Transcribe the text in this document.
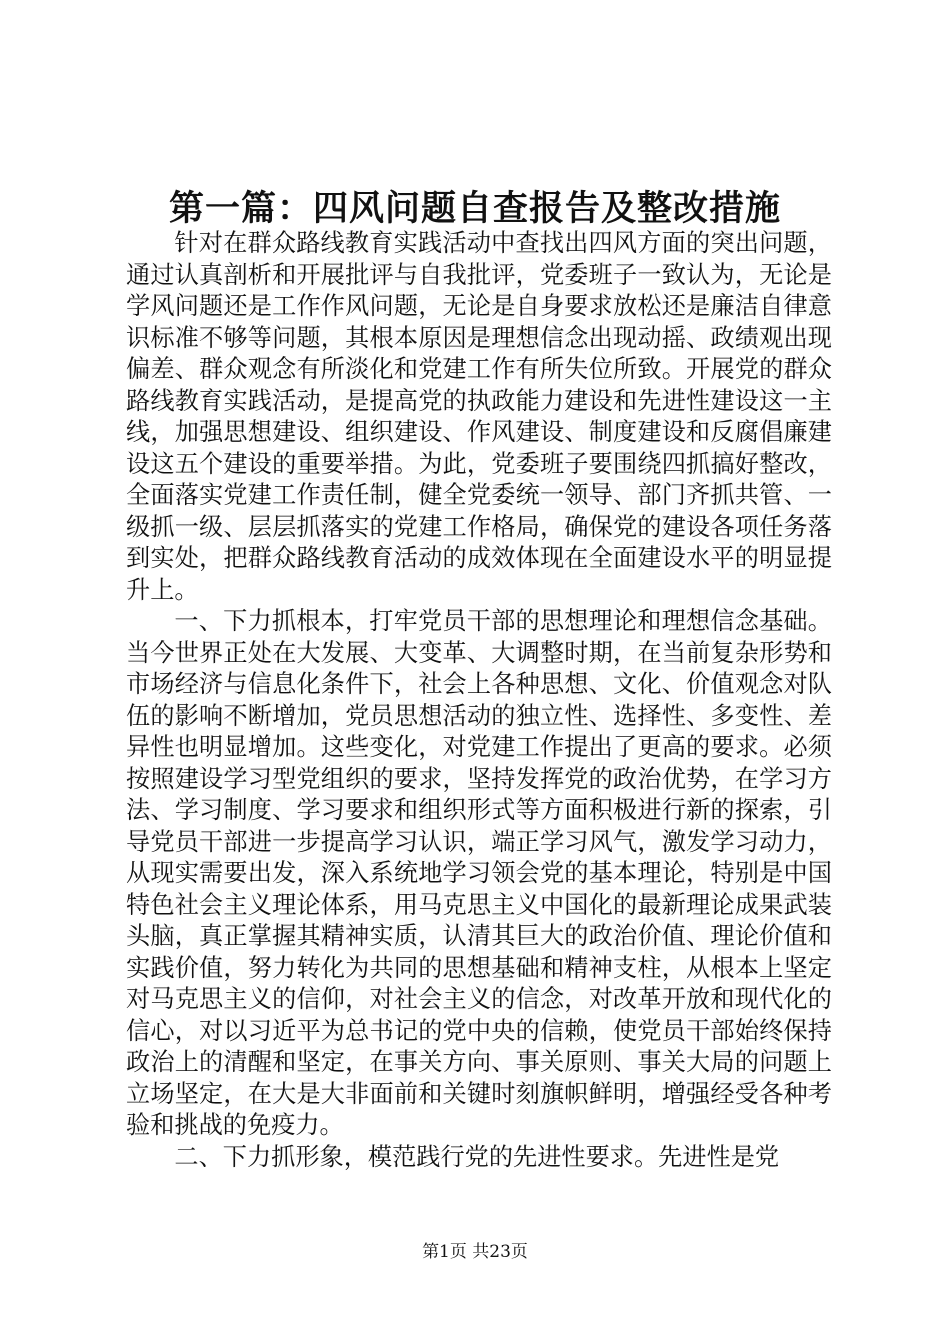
第一篇：四风问题自查报告及整改措施

针对在群众路线教育实践活动中查找出四风方面的突出问题，通过认真剖析和开展批评与自我批评，党委班子一致认为，无论是学风问题还是工作作风问题，无论是自身要求放松还是廉洁自律意识标准不够等问题，其根本原因是理想信念出现动摇、政绩观出现偏差、群众观念有所淡化和党建工作有所失位所致。开展党的群众路线教育实践活动，是提高党的执政能力建设和先进性建设这一主线，加强思想建设、组织建设、作风建设、制度建设和反腐倡廉建设这五个建设的重要举措。为此，党委班子要围绕四抓搞好整改，全面落实党建工作责任制，健全党委统一领导、部门齐抓共管、一级抓一级、层层抓落实的党建工作格局，确保党的建设各项任务落到实处，把群众路线教育活动的成效体现在全面建设水平的明显提升上。

一、下力抓根本，打牢党员干部的思想理论和理想信念基础。当今世界正处在大发展、大变革、大调整时期，在当前复杂形势和市场经济与信息化条件下，社会上各种思想、文化、价值观念对队伍的影响不断增加，党员思想活动的独立性、选择性、多变性、差异性也明显增加。这些变化，对党建工作提出了更高的要求。必须按照建设学习型党组织的要求，坚持发挥党的政治优势，在学习方法、学习制度、学习要求和组织形式等方面积极进行新的探索，引导党员干部进一步提高学习认识，端正学习风气，激发学习动力，从现实需要出发，深入系统地学习领会党的基本理论，特别是中国特色社会主义理论体系，用马克思主义中国化的最新理论成果武装头脑，真正掌握其精神实质，认清其巨大的政治价值、理论价值和实践价值，努力转化为共同的思想基础和精神支柱，从根本上坚定对马克思主义的信仰，对社会主义的信念，对改革开放和现代化的信心，对以习近平为总书记的党中央的信赖，使党员干部始终保持政治上的清醒和坚定，在事关方向、事关原则、事关大局的问题上立场坚定，在大是大非面前和关键时刻旗帜鲜明，增强经受各种考验和挑战的免疫力。

二、下力抓形象，模范践行党的先进性要求。先进性是党

第1页 共23页
